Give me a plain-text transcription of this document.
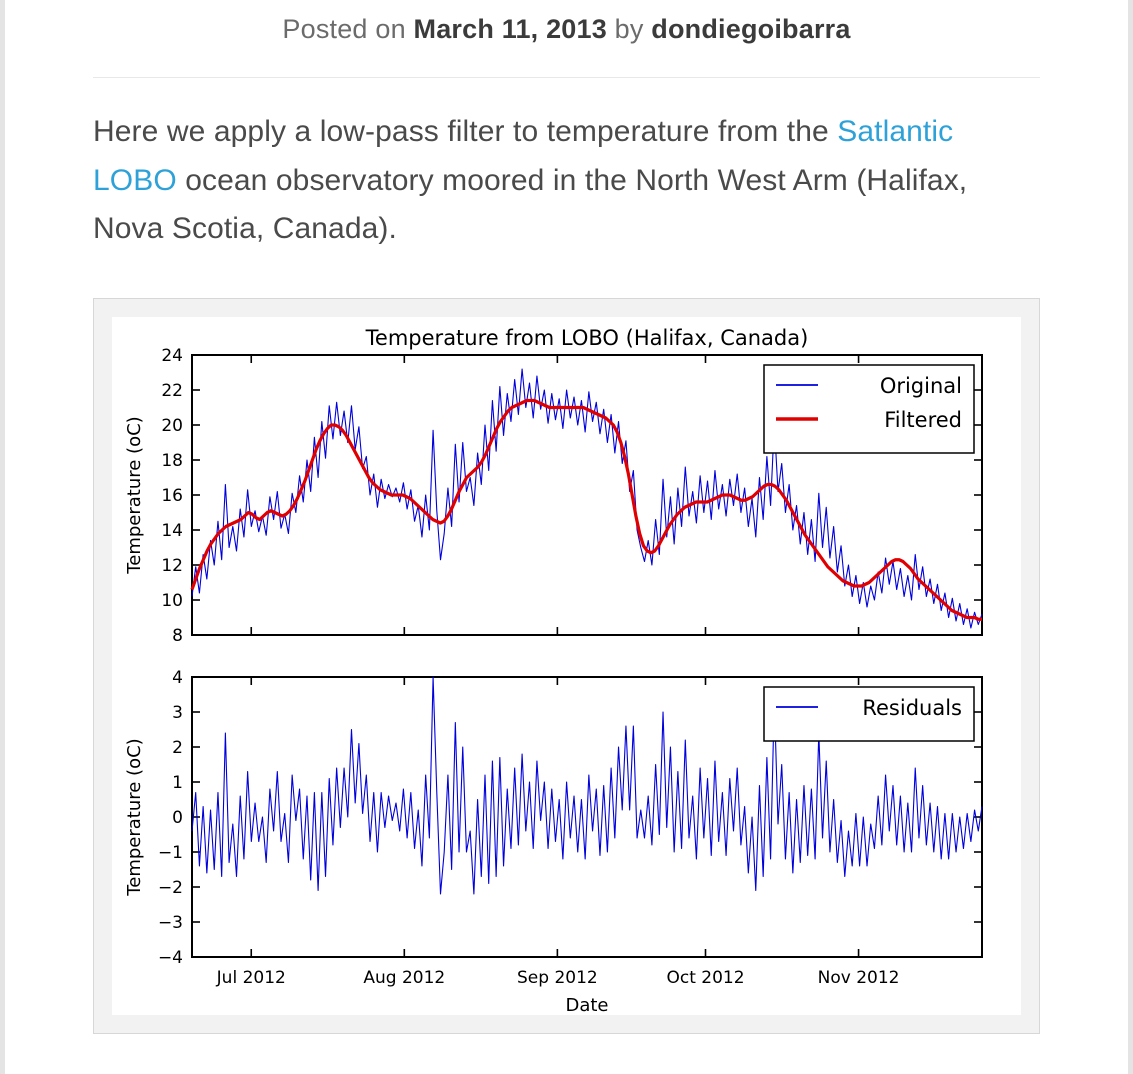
Posted on March 11, 2013 by dondiegoibarra

Here we apply a low-pass filter to temperature from the Satlantic LOBO ocean observatory moored in the North West Arm (Halifax, Nova Scotia, Canada).

8
10
12
14
16
18
20
22
24
Temperature from LOBO (Halifax, Canada)
Temperature (oC)
Original
Filtered
−4
−3
−2
−1
0
1
2
3
4
Jul 2012	Aug 2012	Sep 2012	Oct 2012	Nov 2012
Temperature (oC)
Date
Residuals
